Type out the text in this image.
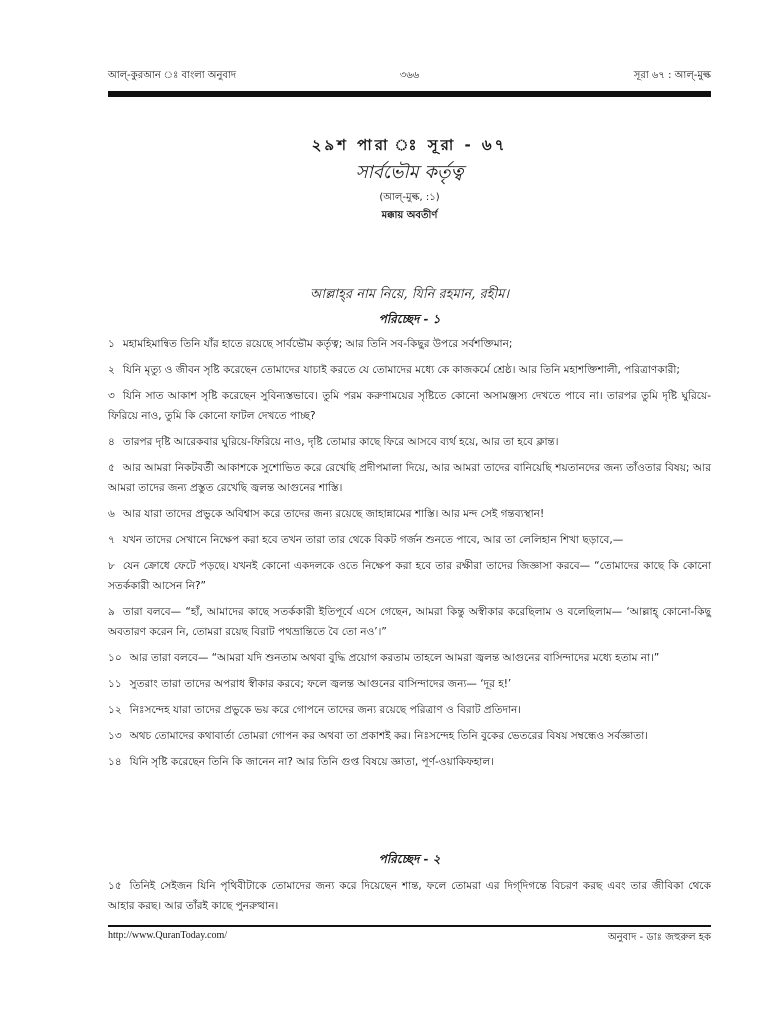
আল্-কুরআন ঃ বাংলা অনুবাদ	৩৬৬	সূরা ৬৭ : আল্-মুল্ক

২৯শ পারা ঃ সূরা - ৬৭

সার্বভৌম কর্তৃত্ব

(আল্-মুল্ক, :১)

মক্কায় অবতীর্ণ

আল্লাহ্‌র নাম নিয়ে, যিনি রহমান, রহীম।

পরিচ্ছেদ - ১

১ মহামহিমান্বিত তিনি যাঁর হাতে রয়েছে সার্বভৌম কর্তৃত্ব; আর তিনি সব-কিছুর উপরে সর্বশক্তিমান;

২ যিনি মৃত্যু ও জীবন সৃষ্টি করেছেন তোমাদের যাচাই করতে যে তোমাদের মধ্যে কে কাজকর্মে শ্রেষ্ঠ। আর তিনি মহাশক্তিশালী, পরিত্রাণকারী;

৩ যিনি সাত আকাশ সৃষ্টি করেছেন সুবিন্যস্তভাবে। তুমি পরম করুণাময়ের সৃষ্টিতে কোনো অসামঞ্জস্য দেখতে পাবে না। তারপর তুমি দৃষ্টি ঘুরিয়ে-ফিরিয়ে নাও, তুমি কি কোনো ফাটল দেখতে পাচ্ছ?

৪ তারপর দৃষ্টি আরেকবার ঘুরিয়ে-ফিরিয়ে নাও, দৃষ্টি তোমার কাছে ফিরে আসবে ব্যর্থ হয়ে, আর তা হবে ক্লান্ত।

৫ আর আমরা নিকটবর্তী আকাশকে সুশোভিত করে রেখেছি প্রদীপমালা দিয়ে, আর আমরা তাদের বানিয়েছি শয়তানদের জন্য তাঁওতার বিষয়; আর আমরা তাদের জন্য প্রস্তুত রেখেছি জ্বলন্ত আগুনের শাস্তি।

৬ আর যারা তাদের প্রভুকে অবিশ্বাস করে তাদের জন্য রয়েছে জাহান্নামের শাস্তি। আর মন্দ সেই গন্তব্যস্থান!

৭ যখন তাদের সেখানে নিক্ষেপ করা হবে তখন তারা তার থেকে বিকট গর্জন শুনতে পাবে, আর তা লেলিহান শিখা ছড়াবে,—

৮ যেন ক্রোধে ফেটে পড়ছে। যখনই কোনো একদলকে ওতে নিক্ষেপ করা হবে তার রক্ষীরা তাদের জিজ্ঞাসা করবে— “তোমাদের কাছে কি কোনো সতর্ককারী আসেন নি?”

৯ তারা বলবে— “হাঁ, আমাদের কাছে সতর্ককারী ইতিপূর্বে এসে গেছেন, আমরা কিন্তু অস্বীকার করেছিলাম ও বলেছিলাম— ‘আল্লাহ্‌ কোনো-কিছু অবতারণ করেন নি, তোমরা রয়েছ বিরাট পথভ্রান্তিতে বৈ তো নও’।”

১০ আর তারা বলবে— “আমরা যদি শুনতাম অথবা বুদ্ধি প্রয়োগ করতাম তাহলে আমরা জ্বলন্ত আগুনের বাসিন্দাদের মধ্যে হতাম না।”

১১ সুতরাং তারা তাদের অপরাধ স্বীকার করবে; ফলে জ্বলন্ত আগুনের বাসিন্দাদের জন্য— ‘দূর হ!’

১২ নিঃসন্দেহ যারা তাদের প্রভুকে ভয় করে গোপনে তাদের জন্য রয়েছে পরিত্রাণ ও বিরাট প্রতিদান।

১৩ অথচ তোমাদের কথাবার্তা তোমরা গোপন কর অথবা তা প্রকাশই কর। নিঃসন্দেহ তিনি বুকের ভেতরের বিষয় সম্বন্ধেও সর্বজ্ঞাতা।

১৪ যিনি সৃষ্টি করেছেন তিনি কি জানেন না? আর তিনি গুপ্ত বিষয়ে জ্ঞাতা, পূর্ণ-ওয়াকিফহাল।

পরিচ্ছেদ - ২

১৫ তিনিই সেইজন যিনি পৃথিবীটাকে তোমাদের জন্য করে দিয়েছেন শান্ত, ফলে তোমরা এর দিগ্‌দিগন্তে বিচরণ করছ এবং তার জীবিকা থেকে আহার করছ। আর তাঁরই কাছে পুনরুত্থান।

http://www.QuranToday.com/	অনুবাদ - ডাঃ জহুরুল হক
